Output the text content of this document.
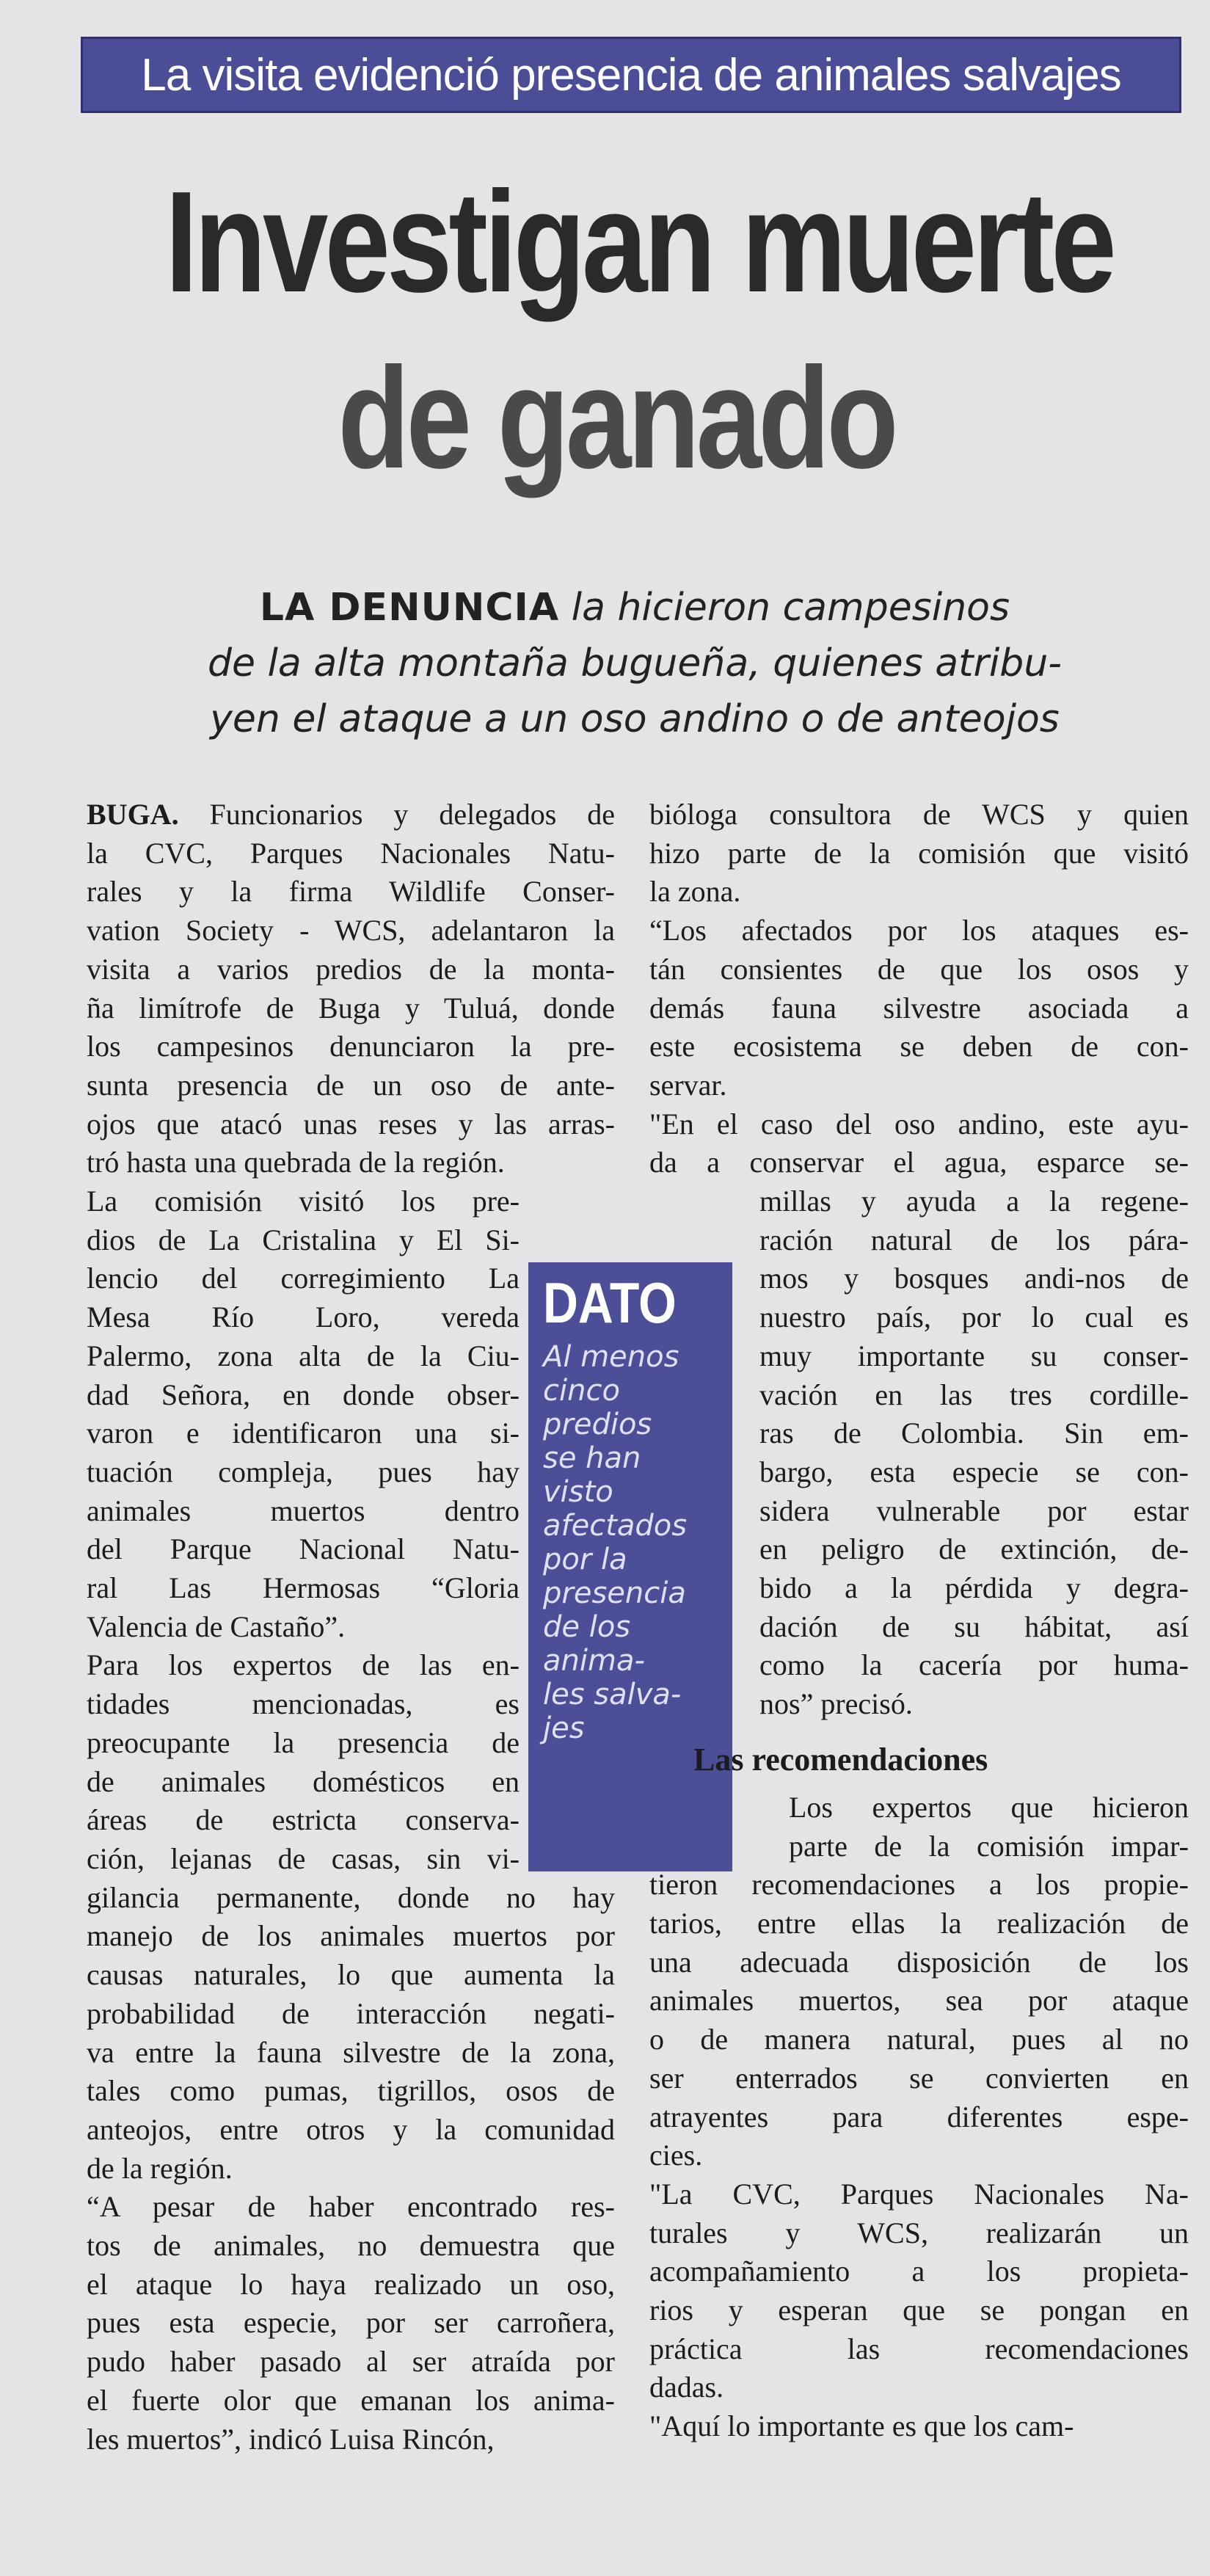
La visita evidenció presencia de animales salvajes
Investigan muerte
de ganado
LA DENUNCIA la hicieron campesinos
de la alta montaña bugueña, quienes atribu-
yen el ataque a un oso andino o de anteojos

BUGA. Funcionarios y delegados de
la CVC, Parques Nacionales Natu-
rales y la firma Wildlife Conser-
vation Society - WCS, adelantaron la
visita a varios predios de la monta-
ña limítrofe de Buga y Tuluá, donde
los campesinos denunciaron la pre-
sunta presencia de un oso de ante-
ojos que atacó unas reses y las arras-
tró hasta una quebrada de la región.

La comisión visitó los pre-
dios de La Cristalina y El Si-
lencio del corregimiento La
Mesa Río Loro, vereda
Palermo, zona alta de la Ciu-
dad Señora, en donde obser-
varon e identificaron una si-
tuación compleja, pues hay
animales muertos dentro
del Parque Nacional Natu-
ral Las Hermosas “Gloria
Valencia de Castaño”.

Para los expertos de las en-
tidades mencionadas, es
preocupante la presencia de
de animales domésticos en
áreas de estricta conserva-
ción, lejanas de casas, sin vi-
gilancia permanente, donde no hay
manejo de los animales muertos por
causas naturales, lo que aumenta la
probabilidad de interacción negati-
va entre la fauna silvestre de la zona,
tales como pumas, tigrillos, osos de
anteojos, entre otros y la comunidad
de la región.

“A pesar de haber encontrado res-
tos de animales, no demuestra que
el ataque lo haya realizado un oso,
pues esta especie, por ser carroñera,
pudo haber pasado al ser atraída por
el fuerte olor que emanan los anima-
les muertos”, indicó Luisa Rincón,

DATO
Al menos
cinco
predios
se han
visto
afectados
por la
presencia
de los
anima-
les salva-
jes

bióloga consultora de WCS y quien
hizo parte de la comisión que visitó
la zona.

“Los afectados por los ataques es-
tán consientes de que los osos y
demás fauna silvestre asociada a
este ecosistema se deben de con-
servar.

"En el caso del oso andino, este ayu-
da a conservar el agua, esparce se-
millas y ayuda a la regene-
ración natural de los pára-
mos y bosques andi-nos de
nuestro país, por lo cual es
muy importante su conser-
vación en las tres cordille-
ras de Colombia. Sin em-
bargo, esta especie se con-
sidera vulnerable por estar
en peligro de extinción, de-
bido a la pérdida y degra-
dación de su hábitat, así
como la cacería por huma-
nos” precisó.

Las recomendaciones

Los expertos que hicieron
parte de la comisión impar-
tieron recomendaciones a los propie-
tarios, entre ellas la realización de
una adecuada disposición de los
animales muertos, sea por ataque
o de manera natural, pues al no
ser enterrados se convierten en
atrayentes para diferentes espe-
cies.

"La CVC, Parques Nacionales Na-
turales y WCS, realizarán un
acompañamiento a los propieta-
rios y esperan que se pongan en
práctica las recomendaciones
dadas.

"Aquí lo importante es que los cam-
